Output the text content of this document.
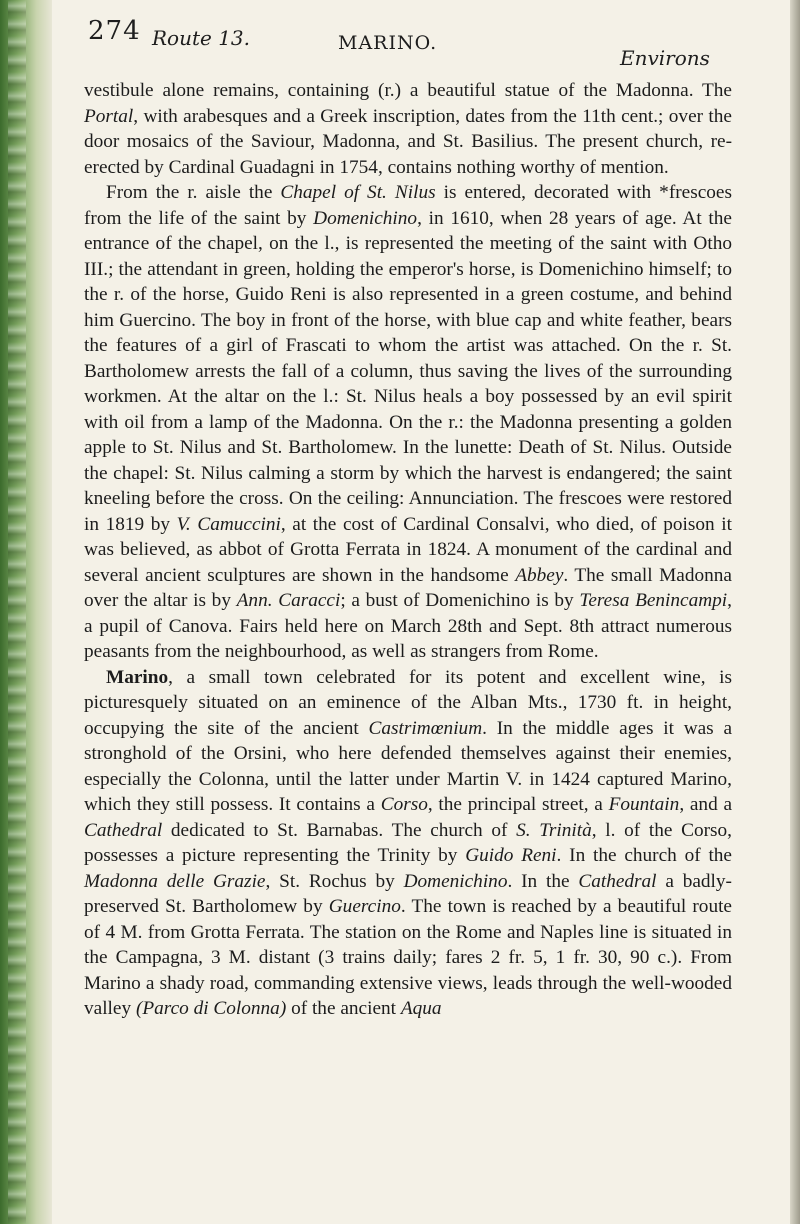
274 Route 13.	MARINO.
Environs

vestibule alone remains, containing (r.) a beautiful statue of the Madonna. The Portal, with arabesques and a Greek inscription, dates from the 11th cent.; over the door mosaics of the Saviour, Madonna, and St. Basilius. The present church, re-erected by Cardinal Guadagni in 1754, contains nothing worthy of mention.

From the r. aisle the Chapel of St. Nilus is entered, decorated with *frescoes from the life of the saint by Domenichino, in 1610, when 28 years of age. At the entrance of the chapel, on the l., is represented the meeting of the saint with Otho III.; the attendant in green, holding the emperor's horse, is Domenichino himself; to the r. of the horse, Guido Reni is also represented in a green costume, and behind him Guercino. The boy in front of the horse, with blue cap and white feather, bears the features of a girl of Frascati to whom the artist was attached. On the r. St. Bartholomew arrests the fall of a column, thus saving the lives of the surrounding workmen. At the altar on the l.: St. Nilus heals a boy possessed by an evil spirit with oil from a lamp of the Madonna. On the r.: the Madonna presenting a golden apple to St. Nilus and St. Bartholomew. In the lunette: Death of St. Nilus. Outside the chapel: St. Nilus calming a storm by which the harvest is endangered; the saint kneeling before the cross. On the ceiling: Annunciation. The frescoes were restored in 1819 by V. Camuccini, at the cost of Cardinal Consalvi, who died, of poison it was believed, as abbot of Grotta Ferrata in 1824. A monument of the cardinal and several ancient sculptures are shown in the handsome Abbey. The small Madonna over the altar is by Ann. Caracci; a bust of Domenichino is by Teresa Benincampi, a pupil of Canova. Fairs held here on March 28th and Sept. 8th attract numerous peasants from the neighbourhood, as well as strangers from Rome.

Marino, a small town celebrated for its potent and excellent wine, is picturesquely situated on an eminence of the Alban Mts., 1730 ft. in height, occupying the site of the ancient Castrimœnium. In the middle ages it was a stronghold of the Orsini, who here defended themselves against their enemies, especially the Colonna, until the latter under Martin V. in 1424 captured Marino, which they still possess. It contains a Corso, the principal street, a Fountain, and a Cathedral dedicated to St. Barnabas. The church of S. Trinità, l. of the Corso, possesses a picture representing the Trinity by Guido Reni. In the church of the Madonna delle Grazie, St. Rochus by Domenichino. In the Cathedral a badly-preserved St. Bartholomew by Guercino. The town is reached by a beautiful route of 4 M. from Grotta Ferrata. The station on the Rome and Naples line is situated in the Campagna, 3 M. distant (3 trains daily; fares 2 fr. 5, 1 fr. 30, 90 c.). From Marino a shady road, commanding extensive views, leads through the well-wooded valley (Parco di Colonna) of the ancient Aqua
